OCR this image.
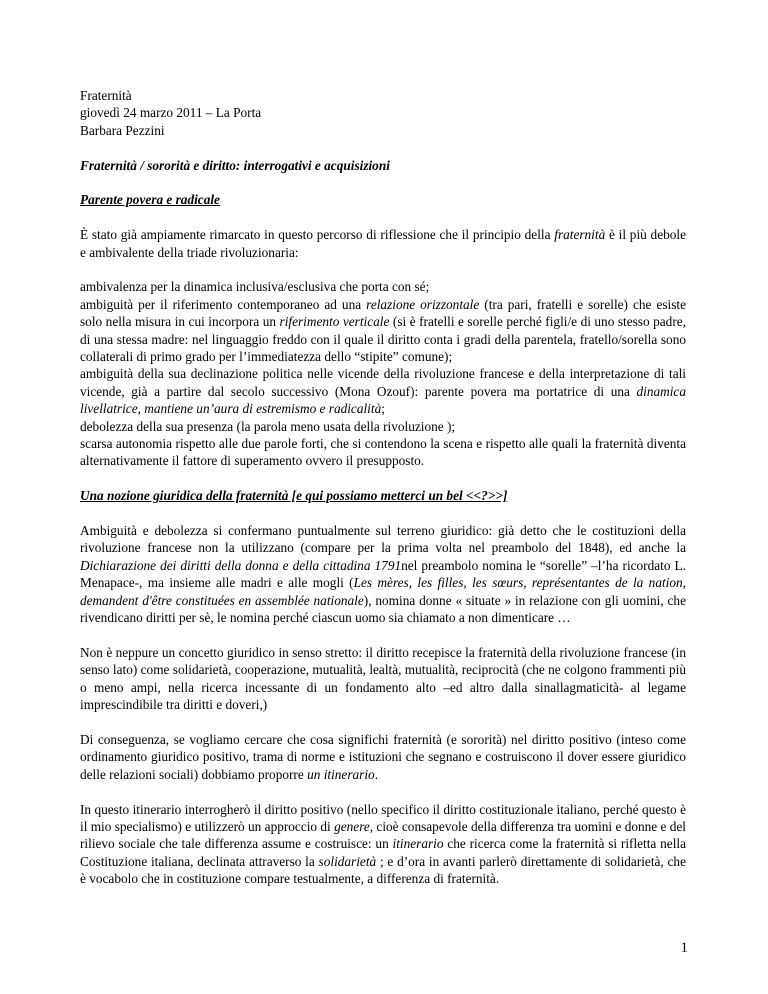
Fraternità
giovedì 24 marzo 2011 – La Porta
Barbara Pezzini

Fraternità / sororità e diritto: interrogativi e acquisizioni

Parente povera e radicale

È stato già ampiamente rimarcato in questo percorso di riflessione che il principio della fraternità è il più debole e ambivalente della triade rivoluzionaria:

ambivalenza per la dinamica inclusiva/esclusiva che porta con sé;

ambiguità per il riferimento contemporaneo ad una relazione orizzontale (tra pari, fratelli e sorelle) che esiste solo nella misura in cui incorpora un riferimento verticale (si è fratelli e sorelle perché figli/e di uno stesso padre, di una stessa madre: nel linguaggio freddo con il quale il diritto conta i gradi della parentela, fratello/sorella sono collaterali di primo grado per l’immediatezza dello “stipite” comune);

ambiguità della sua declinazione politica nelle vicende della rivoluzione francese e della interpretazione di tali vicende, già a partire dal secolo successivo (Mona Ozouf): parente povera ma portatrice di una dinamica livellatrice, mantiene un’aura di estremismo e radicalità;

debolezza della sua presenza (la parola meno usata della rivoluzione );

scarsa autonomia rispetto alle due parole forti, che si contendono la scena e rispetto alle quali la fraternità diventa alternativamente il fattore di superamento ovvero il presupposto.

Una nozione giuridica della fraternità [e qui possiamo metterci un bel <<?>>]

Ambiguità e debolezza si confermano puntualmente sul terreno giuridico: già detto che le costituzioni della rivoluzione francese non la utilizzano (compare per la prima volta nel preambolo del 1848), ed anche la Dichiarazione dei diritti della donna e della cittadina 1791nel preambolo nomina le “sorelle” –l’ha ricordato L. Menapace-, ma insieme alle madri e alle mogli (Les mères, les filles, les sœurs, représentantes de la nation, demandent d'être constituées en assemblée nationale), nomina donne « situate » in relazione con gli uomini, che rivendicano diritti per sè, le nomina perché ciascun uomo sia chiamato a non dimenticare …

Non è neppure un concetto giuridico in senso stretto: il diritto recepisce la fraternità della rivoluzione francese (in senso lato) come solidarietà, cooperazione, mutualità, lealtà, mutualità, reciprocità (che ne colgono frammenti più o meno ampi, nella ricerca incessante di un fondamento alto –ed altro dalla sinallagmaticità- al legame imprescindibile tra diritti e doveri,)

Di conseguenza, se vogliamo cercare che cosa significhi fraternità (e sororità) nel diritto positivo (inteso come ordinamento giuridico positivo, trama di norme e istituzioni che segnano e costruiscono il dover essere giuridico delle relazioni sociali) dobbiamo proporre un itinerario.

In questo itinerario interrogherò il diritto positivo (nello specifico il diritto costituzionale italiano, perché questo è il mio specialismo) e utilizzerò un approccio di genere, cioè consapevole della differenza tra uomini e donne e del rilievo sociale che tale differenza assume e costruisce: un itinerario che ricerca come la fraternità si rifletta nella Costituzione italiana, declinata attraverso la solidarietà ; e d’ora in avanti parlerò direttamente di solidarietà, che è vocabolo che in costituzione compare testualmente, a differenza di fraternità.

1
